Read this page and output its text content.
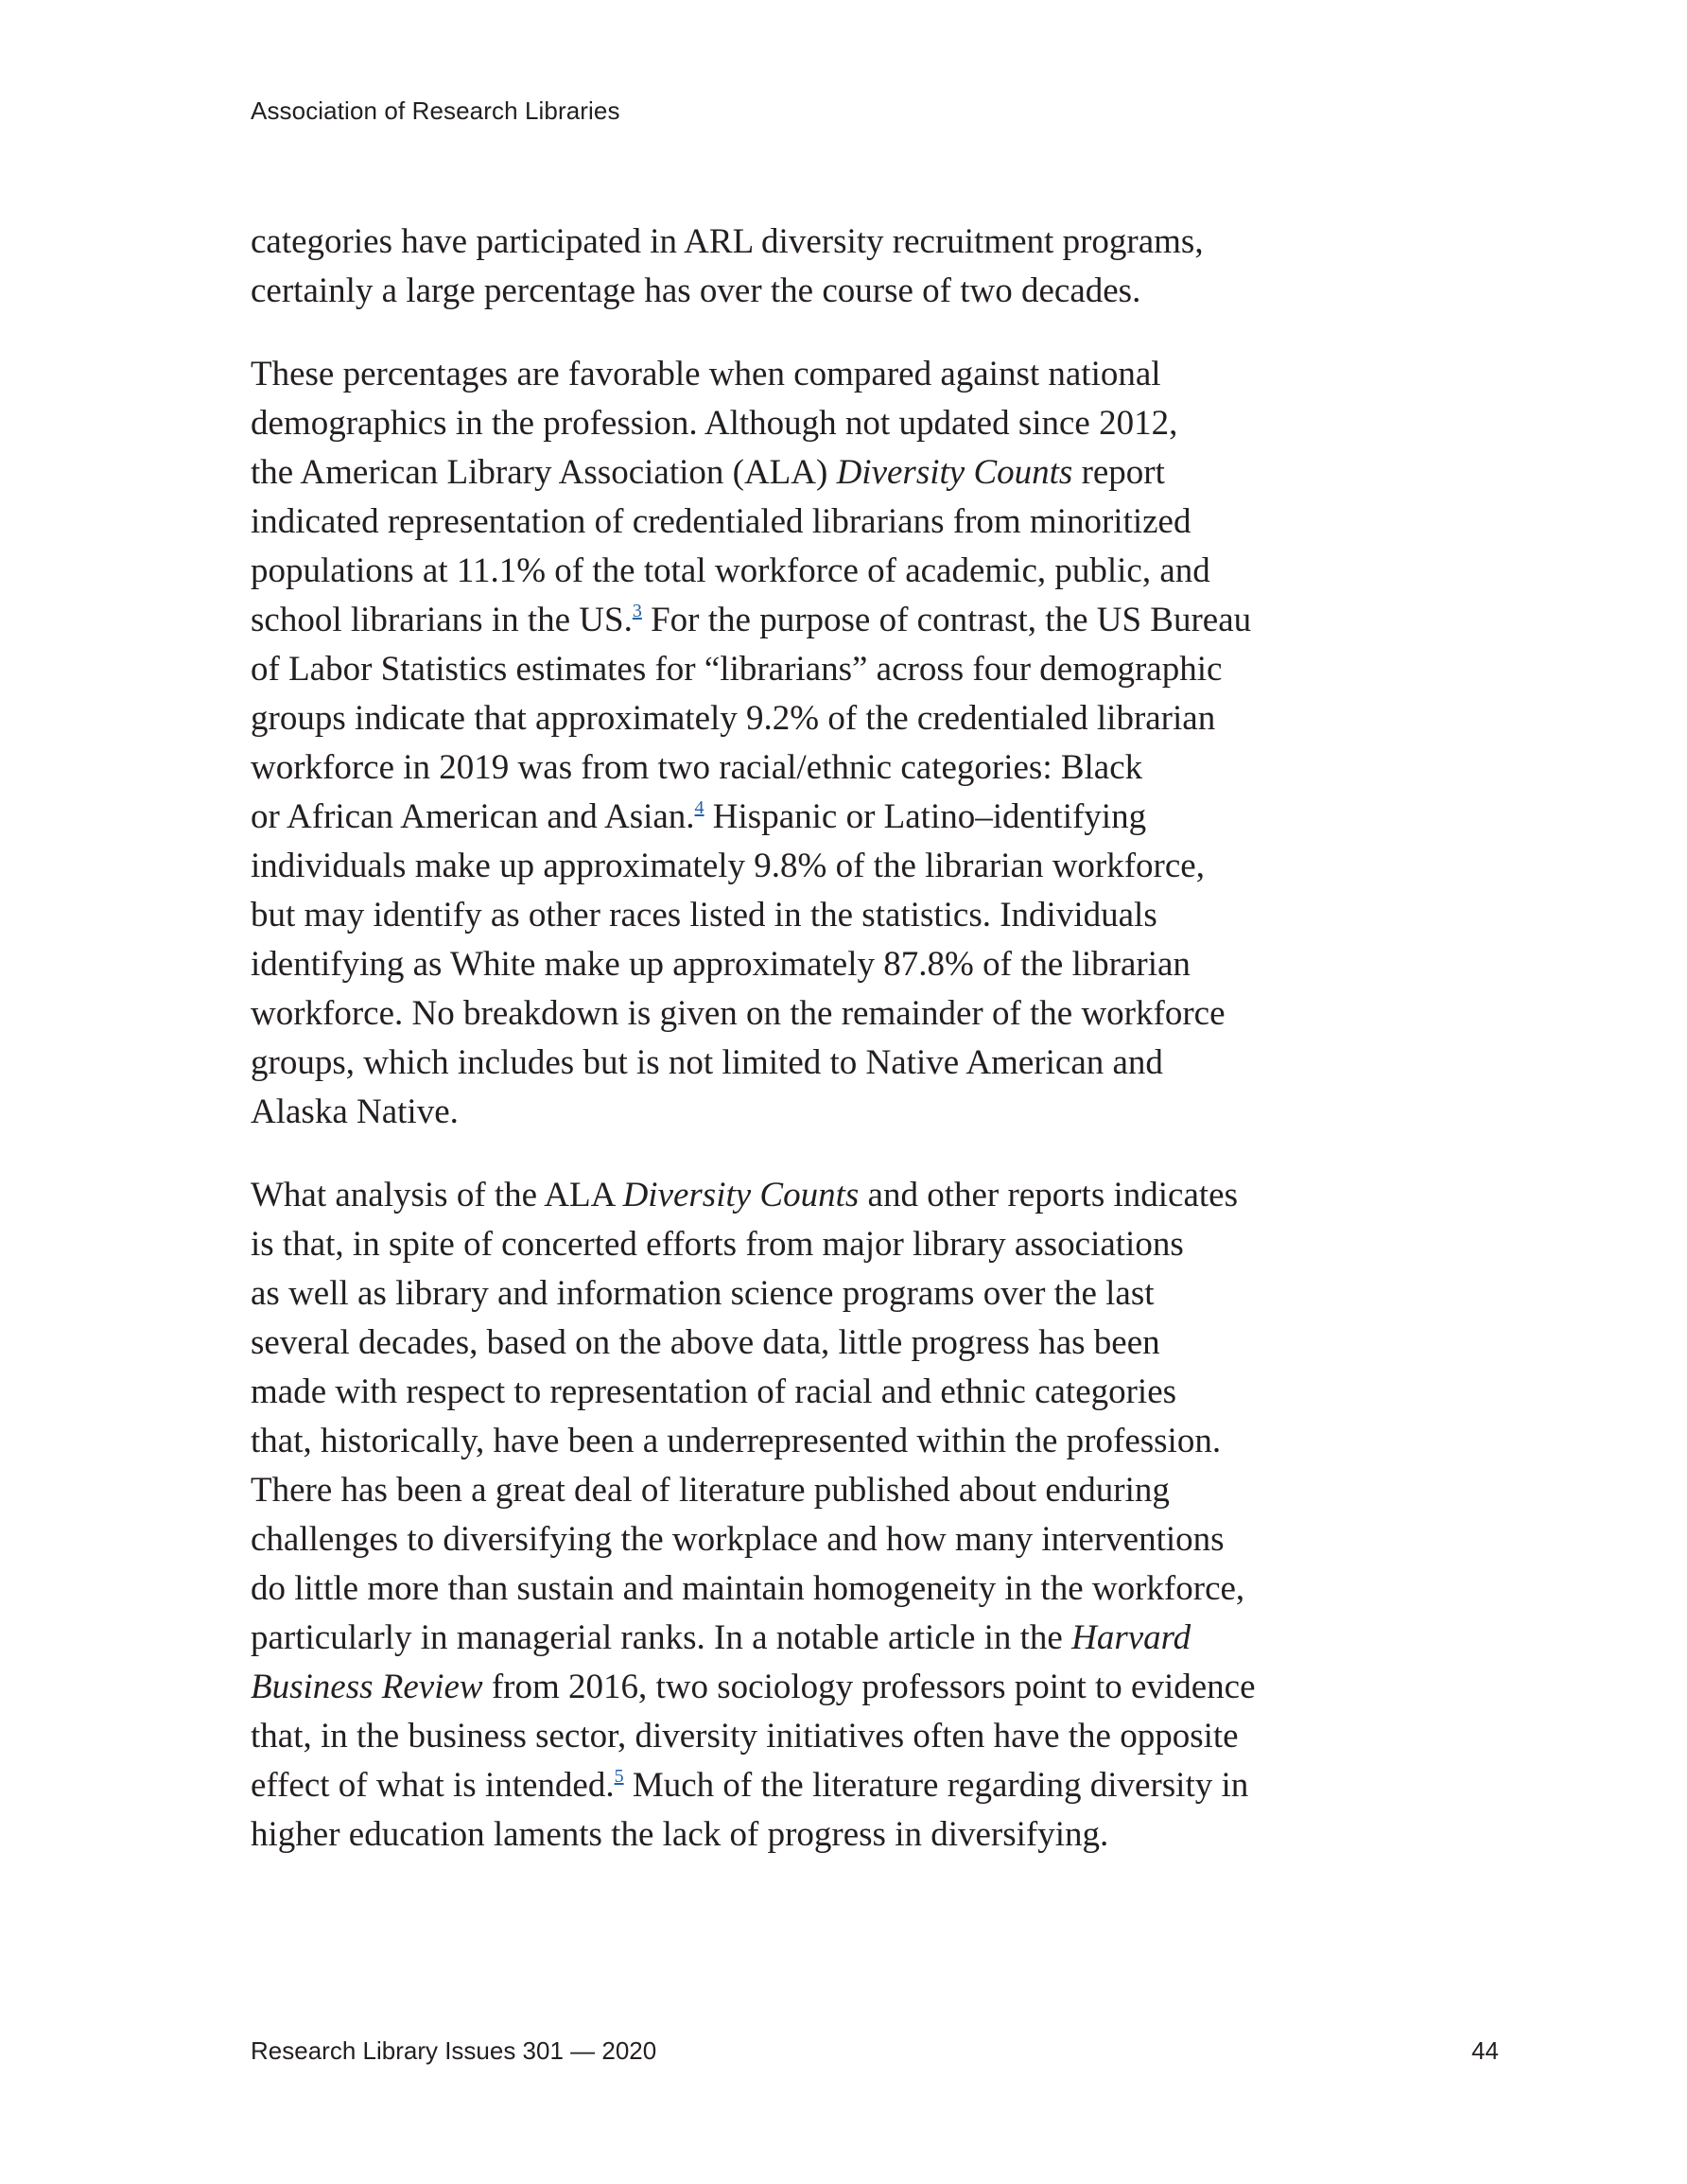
Association of Research Libraries

categories have participated in ARL diversity recruitment programs,
certainly a large percentage has over the course of two decades.

These percentages are favorable when compared against national
demographics in the profession. Although not updated since 2012,
the American Library Association (ALA) Diversity Counts report
indicated representation of credentialed librarians from minoritized
populations at 11.1% of the total workforce of academic, public, and
school librarians in the US.$^3$ For the purpose of contrast, the US Bureau
of Labor Statistics estimates for “librarians” across four demographic
groups indicate that approximately 9.2% of the credentialed librarian
workforce in 2019 was from two racial/ethnic categories: Black
or African American and Asian.$^4$ Hispanic or Latino–identifying
individuals make up approximately 9.8% of the librarian workforce,
but may identify as other races listed in the statistics. Individuals
identifying as White make up approximately 87.8% of the librarian
workforce. No breakdown is given on the remainder of the workforce
groups, which includes but is not limited to Native American and
Alaska Native.

What analysis of the ALA Diversity Counts and other reports indicates
is that, in spite of concerted efforts from major library associations
as well as library and information science programs over the last
several decades, based on the above data, little progress has been
made with respect to representation of racial and ethnic categories
that, historically, have been a underrepresented within the profession.
There has been a great deal of literature published about enduring
challenges to diversifying the workplace and how many interventions
do little more than sustain and maintain homogeneity in the workforce,
particularly in managerial ranks. In a notable article in the Harvard
Business Review from 2016, two sociology professors point to evidence
that, in the business sector, diversity initiatives often have the opposite
effect of what is intended.$^5$ Much of the literature regarding diversity in
higher education laments the lack of progress in diversifying.

Research Library Issues 301 — 2020	44
